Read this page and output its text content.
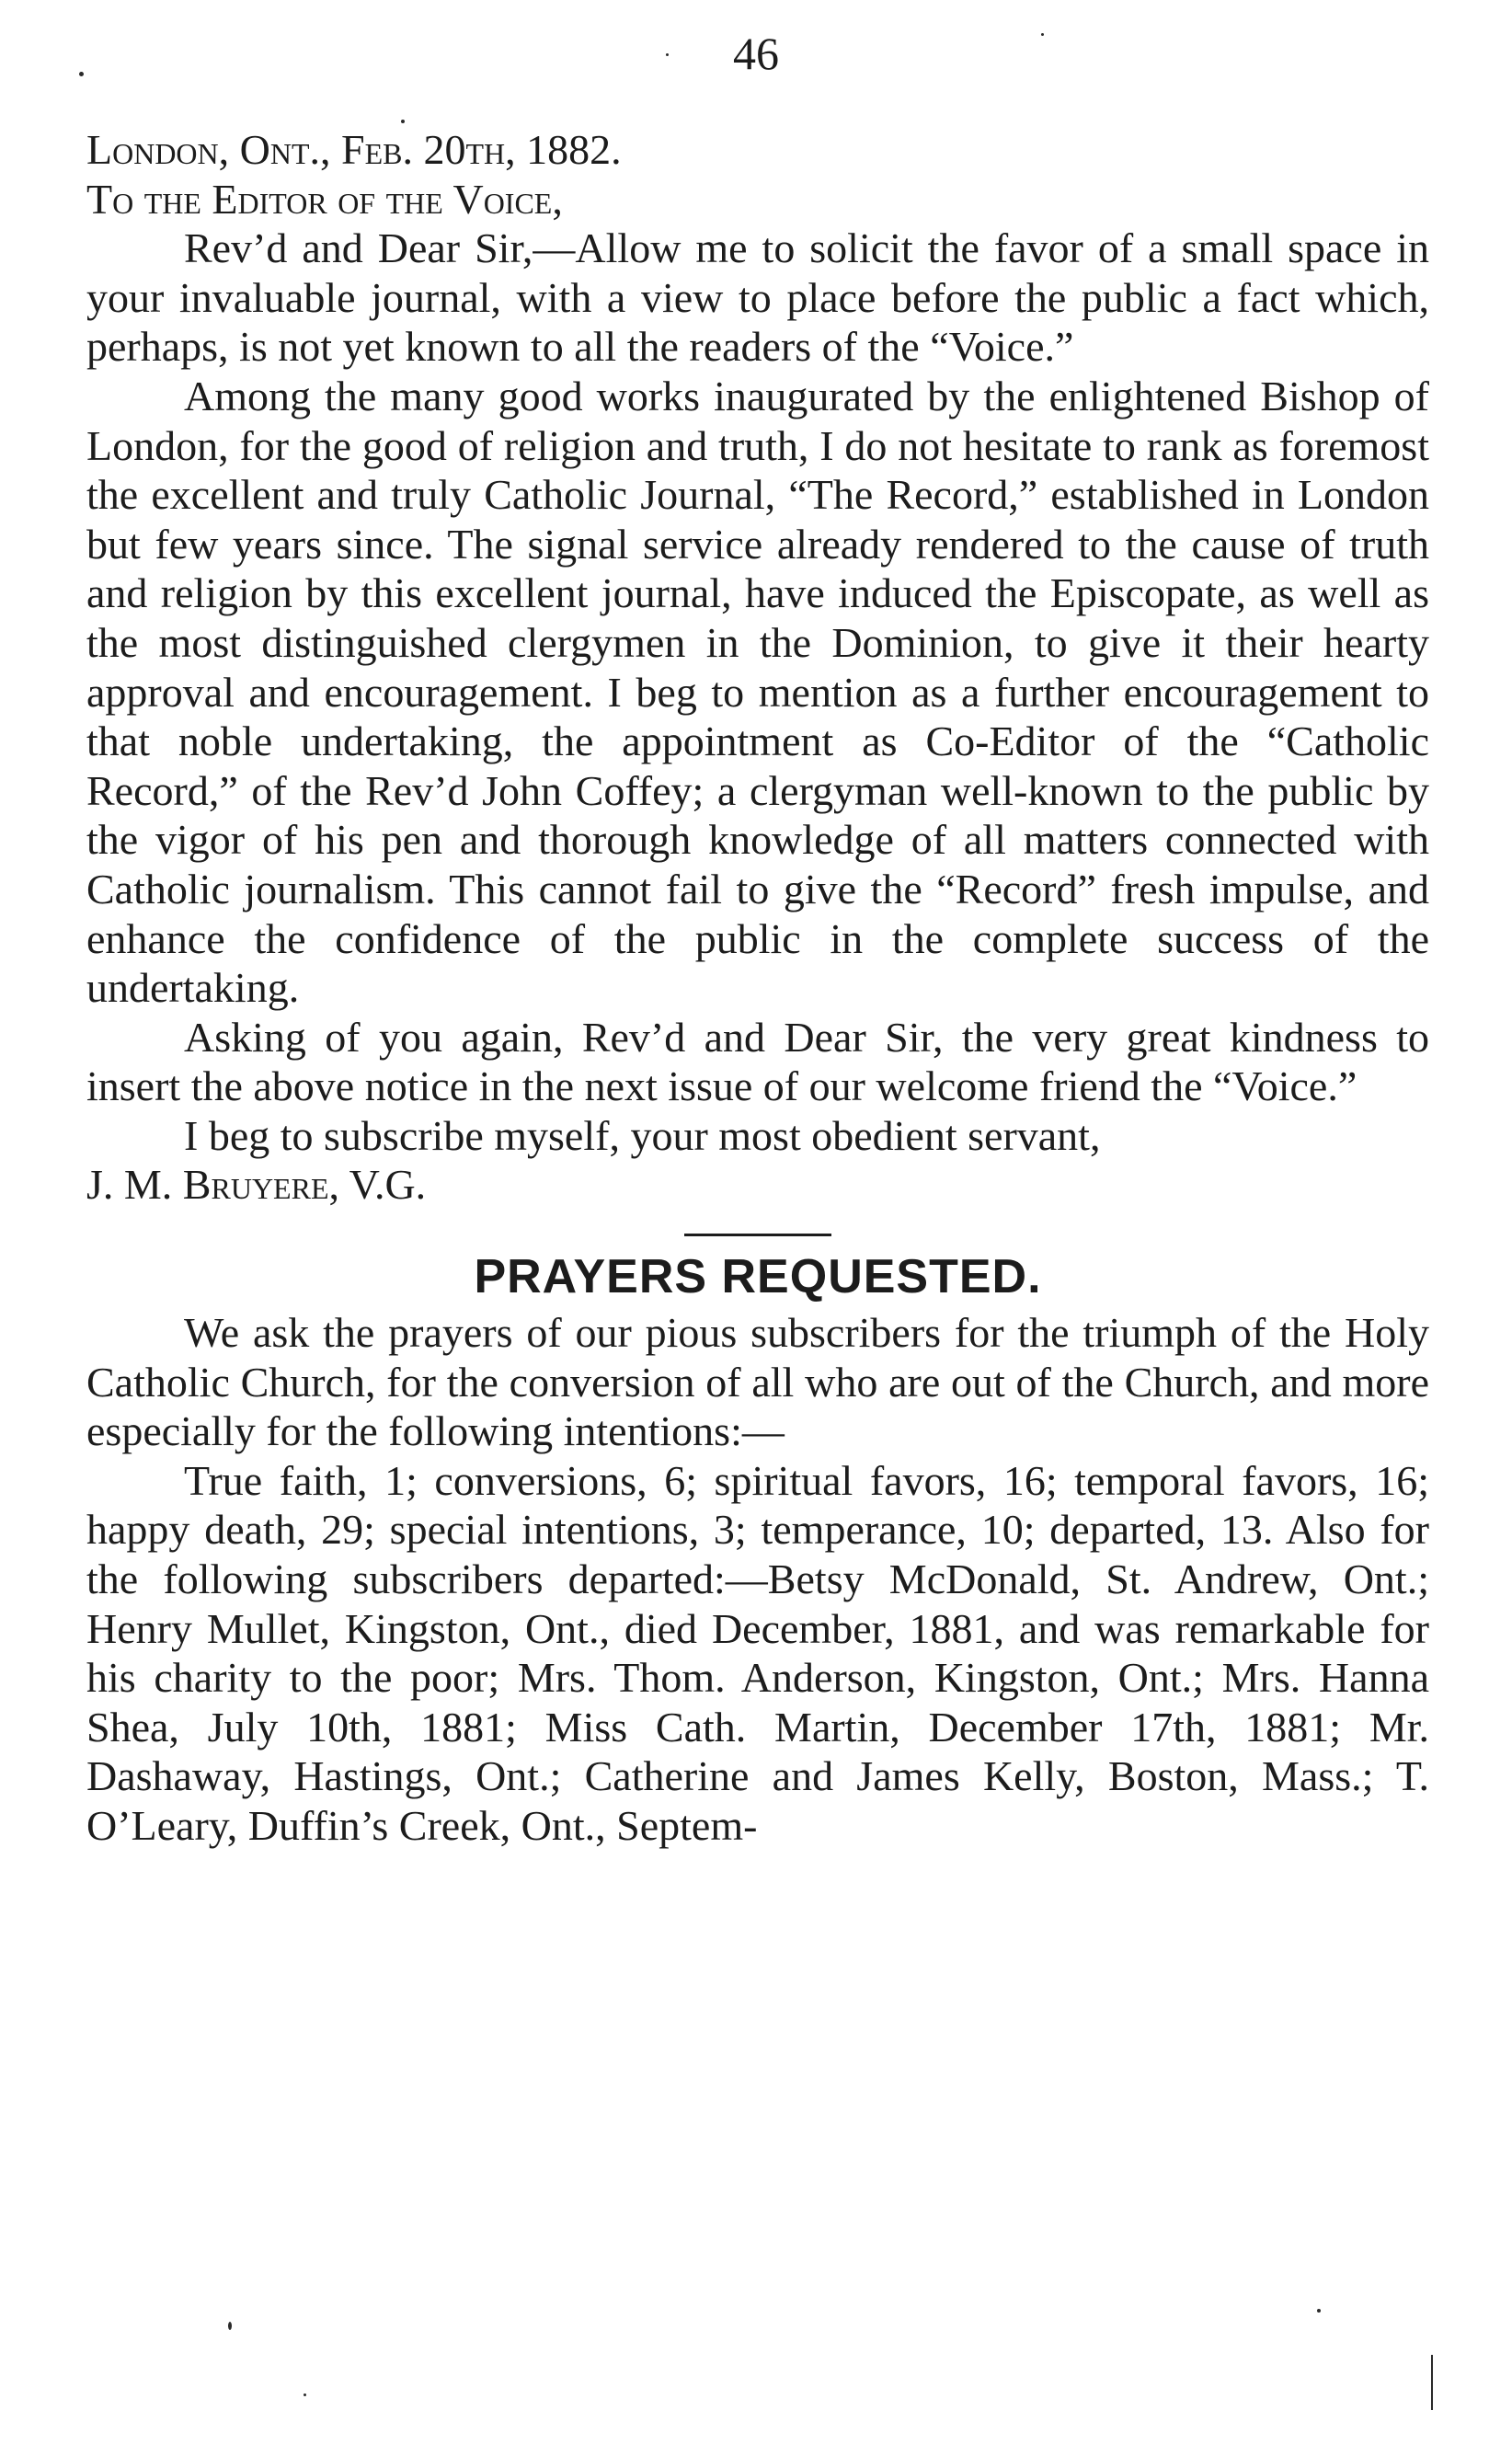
46

London, Ont., Feb. 20th, 1882.

To the Editor of the Voice,

Rev’d and Dear Sir,—Allow me to solicit the favor of a small space in your invaluable journal, with a view to place before the public a fact which, perhaps, is not yet known to all the readers of the “Voice.”

Among the many good works inaugurated by the enlightened Bishop of London, for the good of religion and truth, I do not hesitate to rank as foremost the excellent and truly Catholic Journal, “The Record,” established in London but few years since. The signal service already rendered to the cause of truth and religion by this excellent journal, have induced the Episcopate, as well as the most distinguished clergymen in the Dominion, to give it their hearty approval and encouragement. I beg to mention as a further encouragement to that noble undertaking, the appointment as Co-Editor of the “Catholic Record,” of the Rev’d John Coffey; a clergyman well-known to the public by the vigor of his pen and thorough knowledge of all matters connected with Catholic journalism. This cannot fail to give the “Record” fresh impulse, and enhance the confidence of the public in the complete success of the undertaking.

Asking of you again, Rev’d and Dear Sir, the very great kindness to insert the above notice in the next issue of our welcome friend the “Voice.”

I beg to subscribe myself, your most obedient servant,

J. M. Bruyere, V.G.

PRAYERS REQUESTED.

We ask the prayers of our pious subscribers for the triumph of the Holy Catholic Church, for the conversion of all who are out of the Church, and more especially for the following intentions:—

True faith, 1; conversions, 6; spiritual favors, 16; temporal favors, 16; happy death, 29; special intentions, 3; temperance, 10; departed, 13. Also for the following subscribers departed:—Betsy McDonald, St. Andrew, Ont.; Henry Mullet, Kingston, Ont., died December, 1881, and was remarkable for his charity to the poor; Mrs. Thom. Anderson, Kingston, Ont.; Mrs. Hanna Shea, July 10th, 1881; Miss Cath. Martin, December 17th, 1881; Mr. Dashaway, Hastings, Ont.; Catherine and James Kelly, Boston, Mass.; T. O’Leary, Duffin’s Creek, Ont., Septem-
